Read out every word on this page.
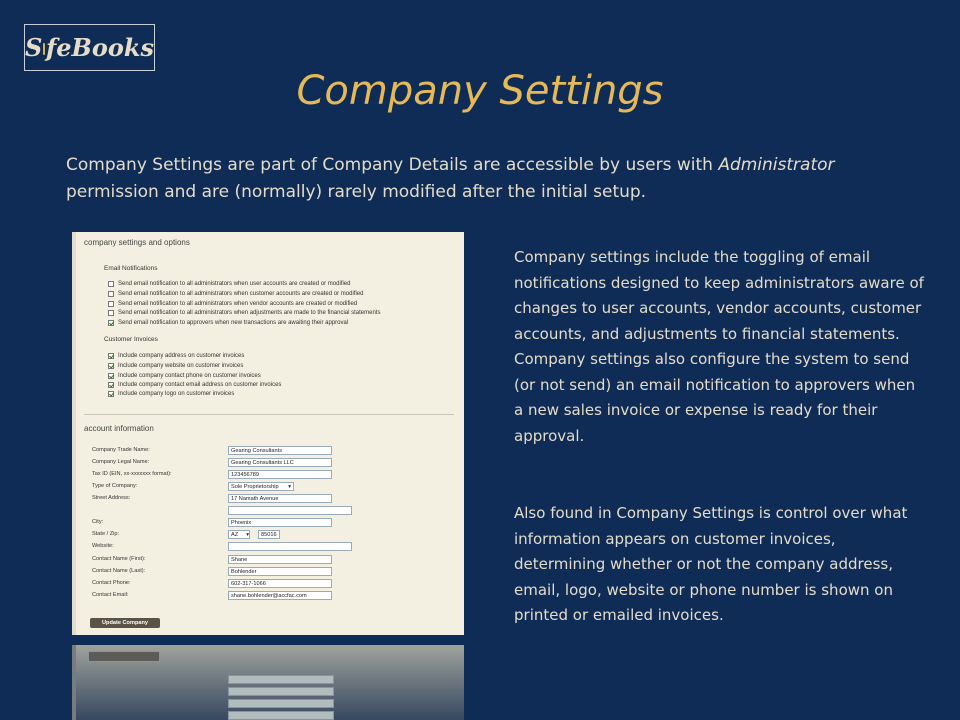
S feBooks
Company Settings
Company Settings are part of Company Details are accessible by users with Administrator permission and are (normally) rarely modified after the initial setup.
company settings and options
Email Notifications
Send email notification to all administrators when user accounts are created or modified
Send email notification to all administrators when customer accounts are created or modified
Send email notification to all administrators when vendor accounts are created or modified
Send email notification to all administrators when adjustments are made to the financial statements
Send email notification to approvers when new transactions are awaiting their approval
Customer Invoices
Include company address on customer invoices
Include company website on customer invoices
Include company contact phone on customer invoices
Include company contact email address on customer invoices
Include company logo on customer invoices
account information
Company Trade Name:	Gearing Consultants
Company Legal Name:	Gearing Consultants LLC
Tax ID (EIN, xx-xxxxxxx format):	123456789
Type of Company:	Sole Proprietorship ▾
Street Address:	17 Namath Avenue
City:	Phoenix
State / Zip:	AZ ▾	85016
Website:
Contact Name (First):	Shane
Contact Name (Last):	Bohlender
Contact Phone:	602-317-1066
Contact Email:	shane.bohlender@accfac.com
Update Company
Company settings include the toggling of email notifications designed to keep administrators aware of changes to user accounts, vendor accounts, customer accounts, and adjustments to financial statements. Company settings also configure the system to send (or not send) an email notification to approvers when a new sales invoice or expense is ready for their approval.
Also found in Company Settings is control over what information appears on customer invoices, determining whether or not the company address, email, logo, website or phone number is shown on printed or emailed invoices.
